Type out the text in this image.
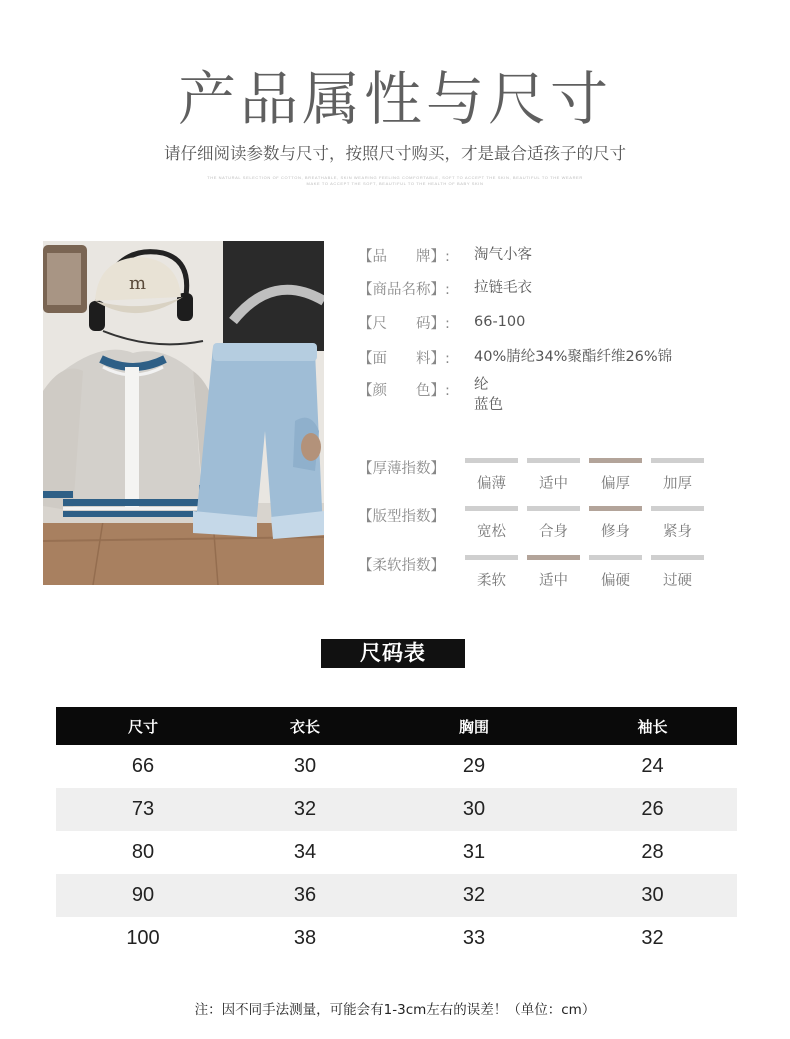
产品属性与尺寸
请仔细阅读参数与尺寸，按照尺寸购买，才是最合适孩子的尺寸
THE NATURAL SELECTION OF COTTON, BREATHABLE, SKIN WEARING FEELING COMFORTABLE, SOFT TO ACCEPT THE SKIN, BEAUTIFUL TO THE WEARER
MAKE TO ACCEPT THE SOFT, BEAUTIFUL TO THE HEALTH OF BABY SKIN
m
【品　　牌】: 淘气小客
【商品名称】: 拉链毛衣
【尺　　码】: 66-100
【面　　料】: 40%腈纶34%聚酯纤维26%锦
【颜　　色】: 纶
蓝色
【厚薄指数】
偏薄	适中	偏厚	加厚
【版型指数】
宽松	合身	修身	紧身
【柔软指数】
柔软	适中	偏硬	过硬
尺码表
尺寸	衣长	胸围	袖长
66	30	29	24
73	32	30	26
80	34	31	28
90	36	32	30
100	38	33	32
注：因不同手法测量，可能会有1-3cm左右的误差！（单位：cm）
